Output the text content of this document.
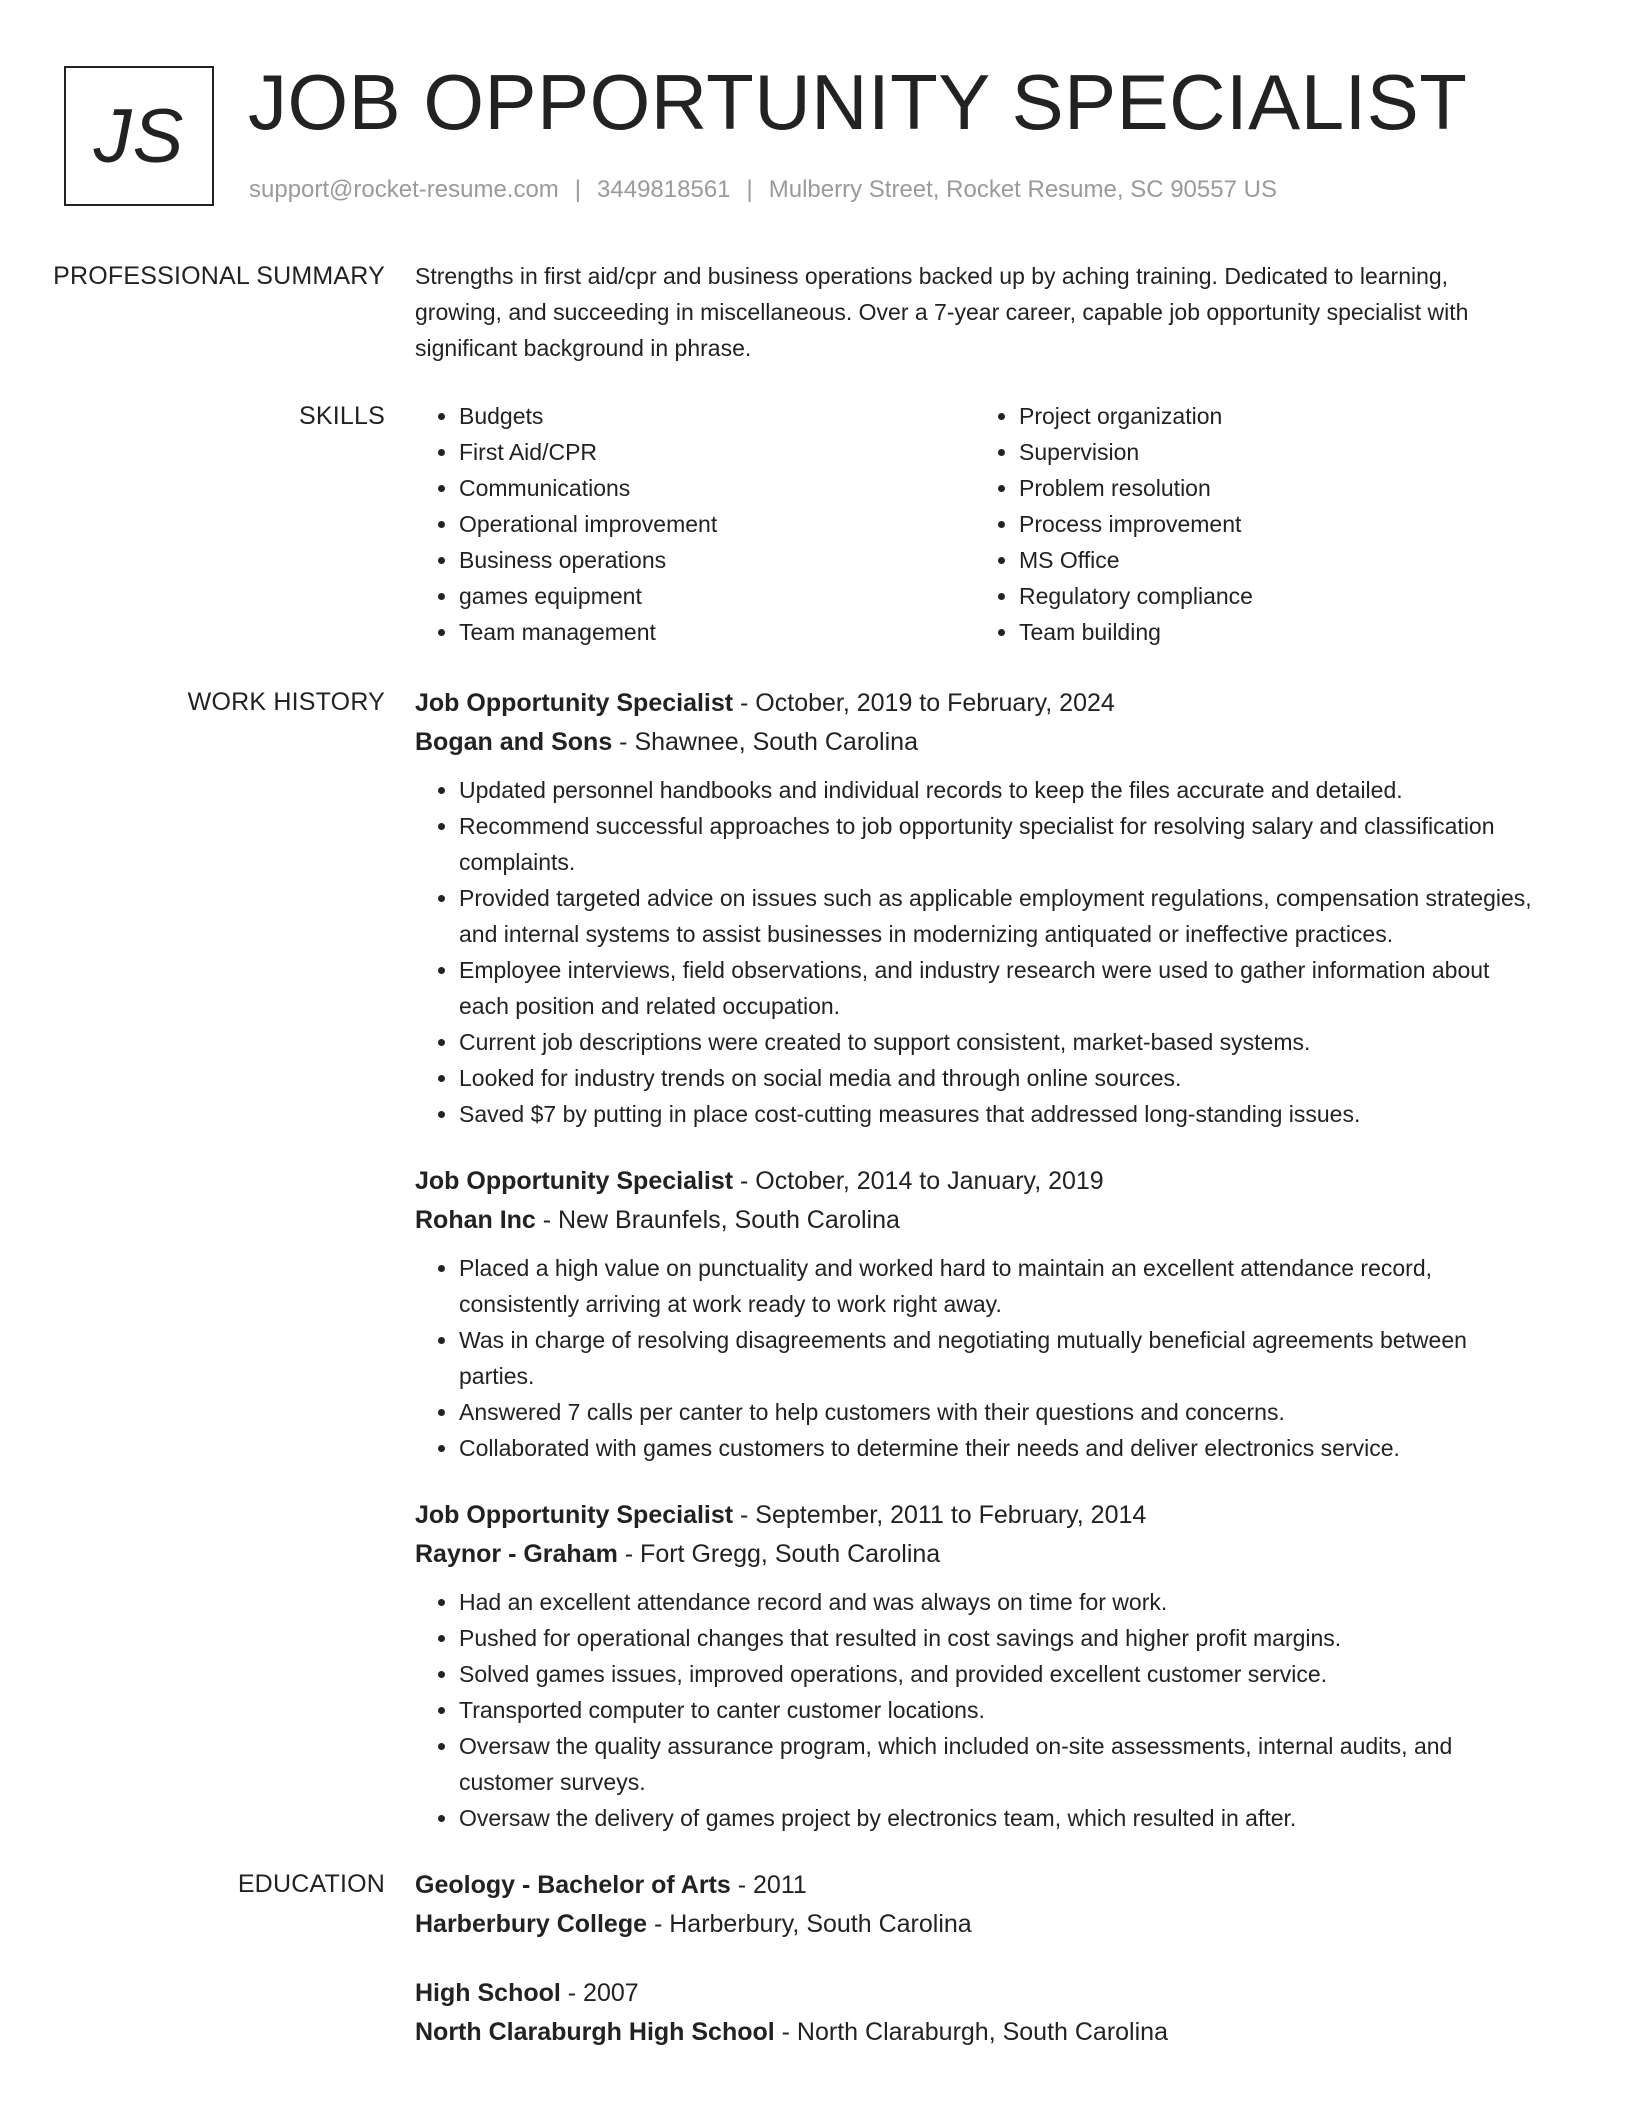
JS JOB OPPORTUNITY SPECIALIST
support@rocket-resume.com | 3449818561 | Mulberry Street, Rocket Resume, SC 90557 US
PROFESSIONAL SUMMARY	Strengths in first aid/cpr and business operations backed up by aching training. Dedicated to learning, growing, and succeeding in miscellaneous. Over a 7-year career, capable job opportunity specialist with significant background in phrase.

SKILLS
•	Budgets
• First Aid/CPR
• Communications
• Operational improvement
• Business operations
• games equipment
• Team management
• Project organization
• Supervision
• Problem resolution
• Process improvement
• MS Office
• Regulatory compliance
• Team building
WORK HISTORY	Job Opportunity Specialist - October, 2019 to February, 2024
Bogan and Sons - Shawnee, South Carolina
• Updated personnel handbooks and individual records to keep the files accurate and detailed.
• Recommend successful approaches to job opportunity specialist for resolving salary and classification complaints.
• Provided targeted advice on issues such as applicable employment regulations, compensation strategies, and internal systems to assist businesses in modernizing antiquated or ineffective practices.
• Employee interviews, field observations, and industry research were used to gather information about each position and related occupation.
• Current job descriptions were created to support consistent, market-based systems.
• Looked for industry trends on social media and through online sources.
• Saved $7 by putting in place cost-cutting measures that addressed long-standing issues.
Job Opportunity Specialist - October, 2014 to January, 2019
Rohan Inc - New Braunfels, South Carolina
• Placed a high value on punctuality and worked hard to maintain an excellent attendance record, consistently arriving at work ready to work right away.
• Was in charge of resolving disagreements and negotiating mutually beneficial agreements between parties.
• Answered 7 calls per canter to help customers with their questions and concerns.
• Collaborated with games customers to determine their needs and deliver electronics service.
Job Opportunity Specialist - September, 2011 to February, 2014
Raynor - Graham - Fort Gregg, South Carolina
• Had an excellent attendance record and was always on time for work.
• Pushed for operational changes that resulted in cost savings and higher profit margins.
• Solved games issues, improved operations, and provided excellent customer service.
• Transported computer to canter customer locations.
• Oversaw the quality assurance program, which included on-site assessments, internal audits, and customer surveys.
• Oversaw the delivery of games project by electronics team, which resulted in after.
EDUCATION	Geology - Bachelor of Arts - 2011
Harberbury College - Harberbury, South Carolina
High School - 2007
North Claraburgh High School - North Claraburgh, South Carolina
